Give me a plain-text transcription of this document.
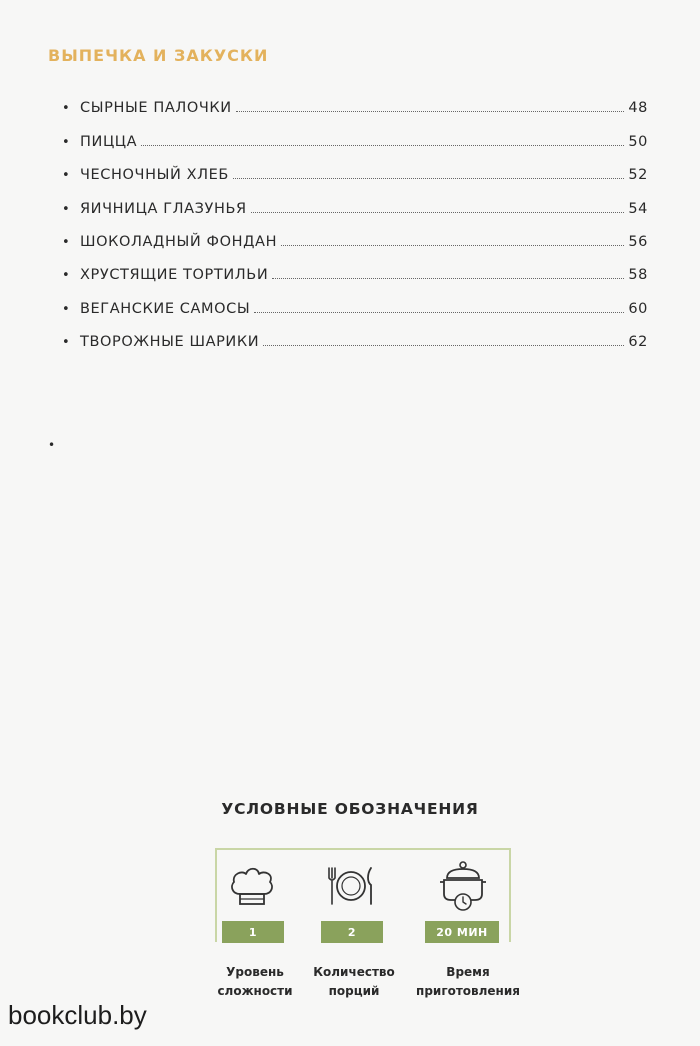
ВЫПЕЧКА И ЗАКУСКИ
• СЫРНЫЕ ПАЛОЧКИ	48
• ПИЦЦА	50
• ЧЕСНОЧНЫЙ ХЛЕБ	52
• ЯИЧНИЦА ГЛАЗУНЬЯ	54
• ШОКОЛАДНЫЙ ФОНДАН	56
• ХРУСТЯЩИЕ ТОРТИЛЬИ	58
• ВЕГАНСКИЕ САМОСЫ	60
• ТВОРОЖНЫЕ ШАРИКИ	62
•
УСЛОВНЫЕ ОБОЗНАЧЕНИЯ
1	2	20 МИН
Уровень
сложности
Количество
порций
Время
приготовления
bookclub.by
